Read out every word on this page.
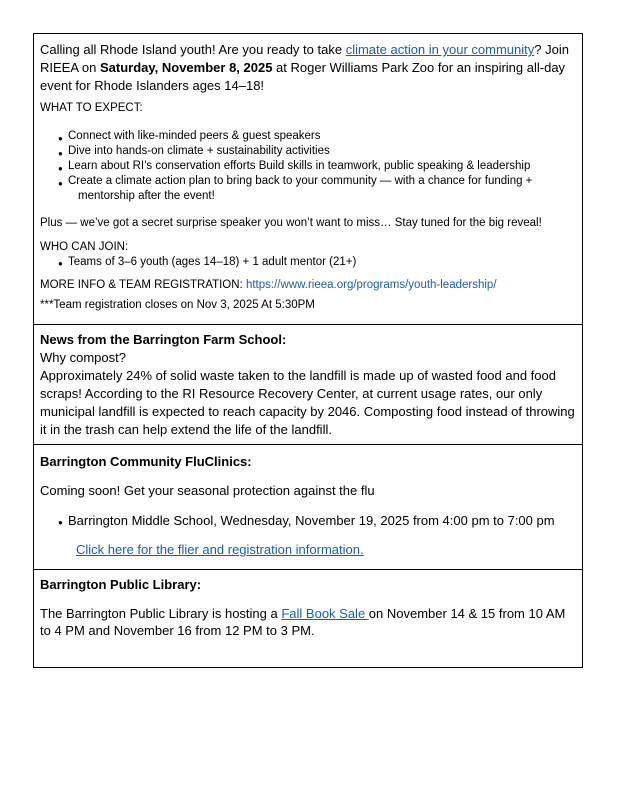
Calling all Rhode Island youth! Are you ready to take climate action in your community? Join RIEEA on Saturday, November 8, 2025 at Roger Williams Park Zoo for an inspiring all-day event for Rhode Islanders ages 14–18!

WHAT TO EXPECT:

● Connect with like-minded peers & guest speakers
● Dive into hands-on climate + sustainability activities
● Learn about RI’s conservation efforts Build skills in teamwork, public speaking & leadership
● Create a climate action plan to bring back to your community — with a chance for funding +
mentorship after the event!

Plus — we’ve got a secret surprise speaker you won’t want to miss… Stay tuned for the big reveal!

WHO CAN JOIN:

● Teams of 3–6 youth (ages 14–18) + 1 adult mentor (21+)

MORE INFO & TEAM REGISTRATION: https://www.rieea.org/programs/youth-leadership/

***Team registration closes on Nov 3, 2025 At 5:30PM

News from the Barrington Farm School:

Why compost?

Approximately 24% of solid waste taken to the landfill is made up of wasted food and food scraps! According to the RI Resource Recovery Center, at current usage rates, our only municipal landfill is expected to reach capacity by 2046. Composting food instead of throwing it in the trash can help extend the life of the landfill.

Barrington Community FluClinics:

Coming soon! Get your seasonal protection against the flu

● Barrington Middle School, Wednesday, November 19, 2025 from 4:00 pm to 7:00 pm

Click here for the flier and registration information.

Barrington Public Library:

The Barrington Public Library is hosting a Fall Book Sale on November 14 & 15 from 10 AM to 4 PM and November 16 from 12 PM to 3 PM.
